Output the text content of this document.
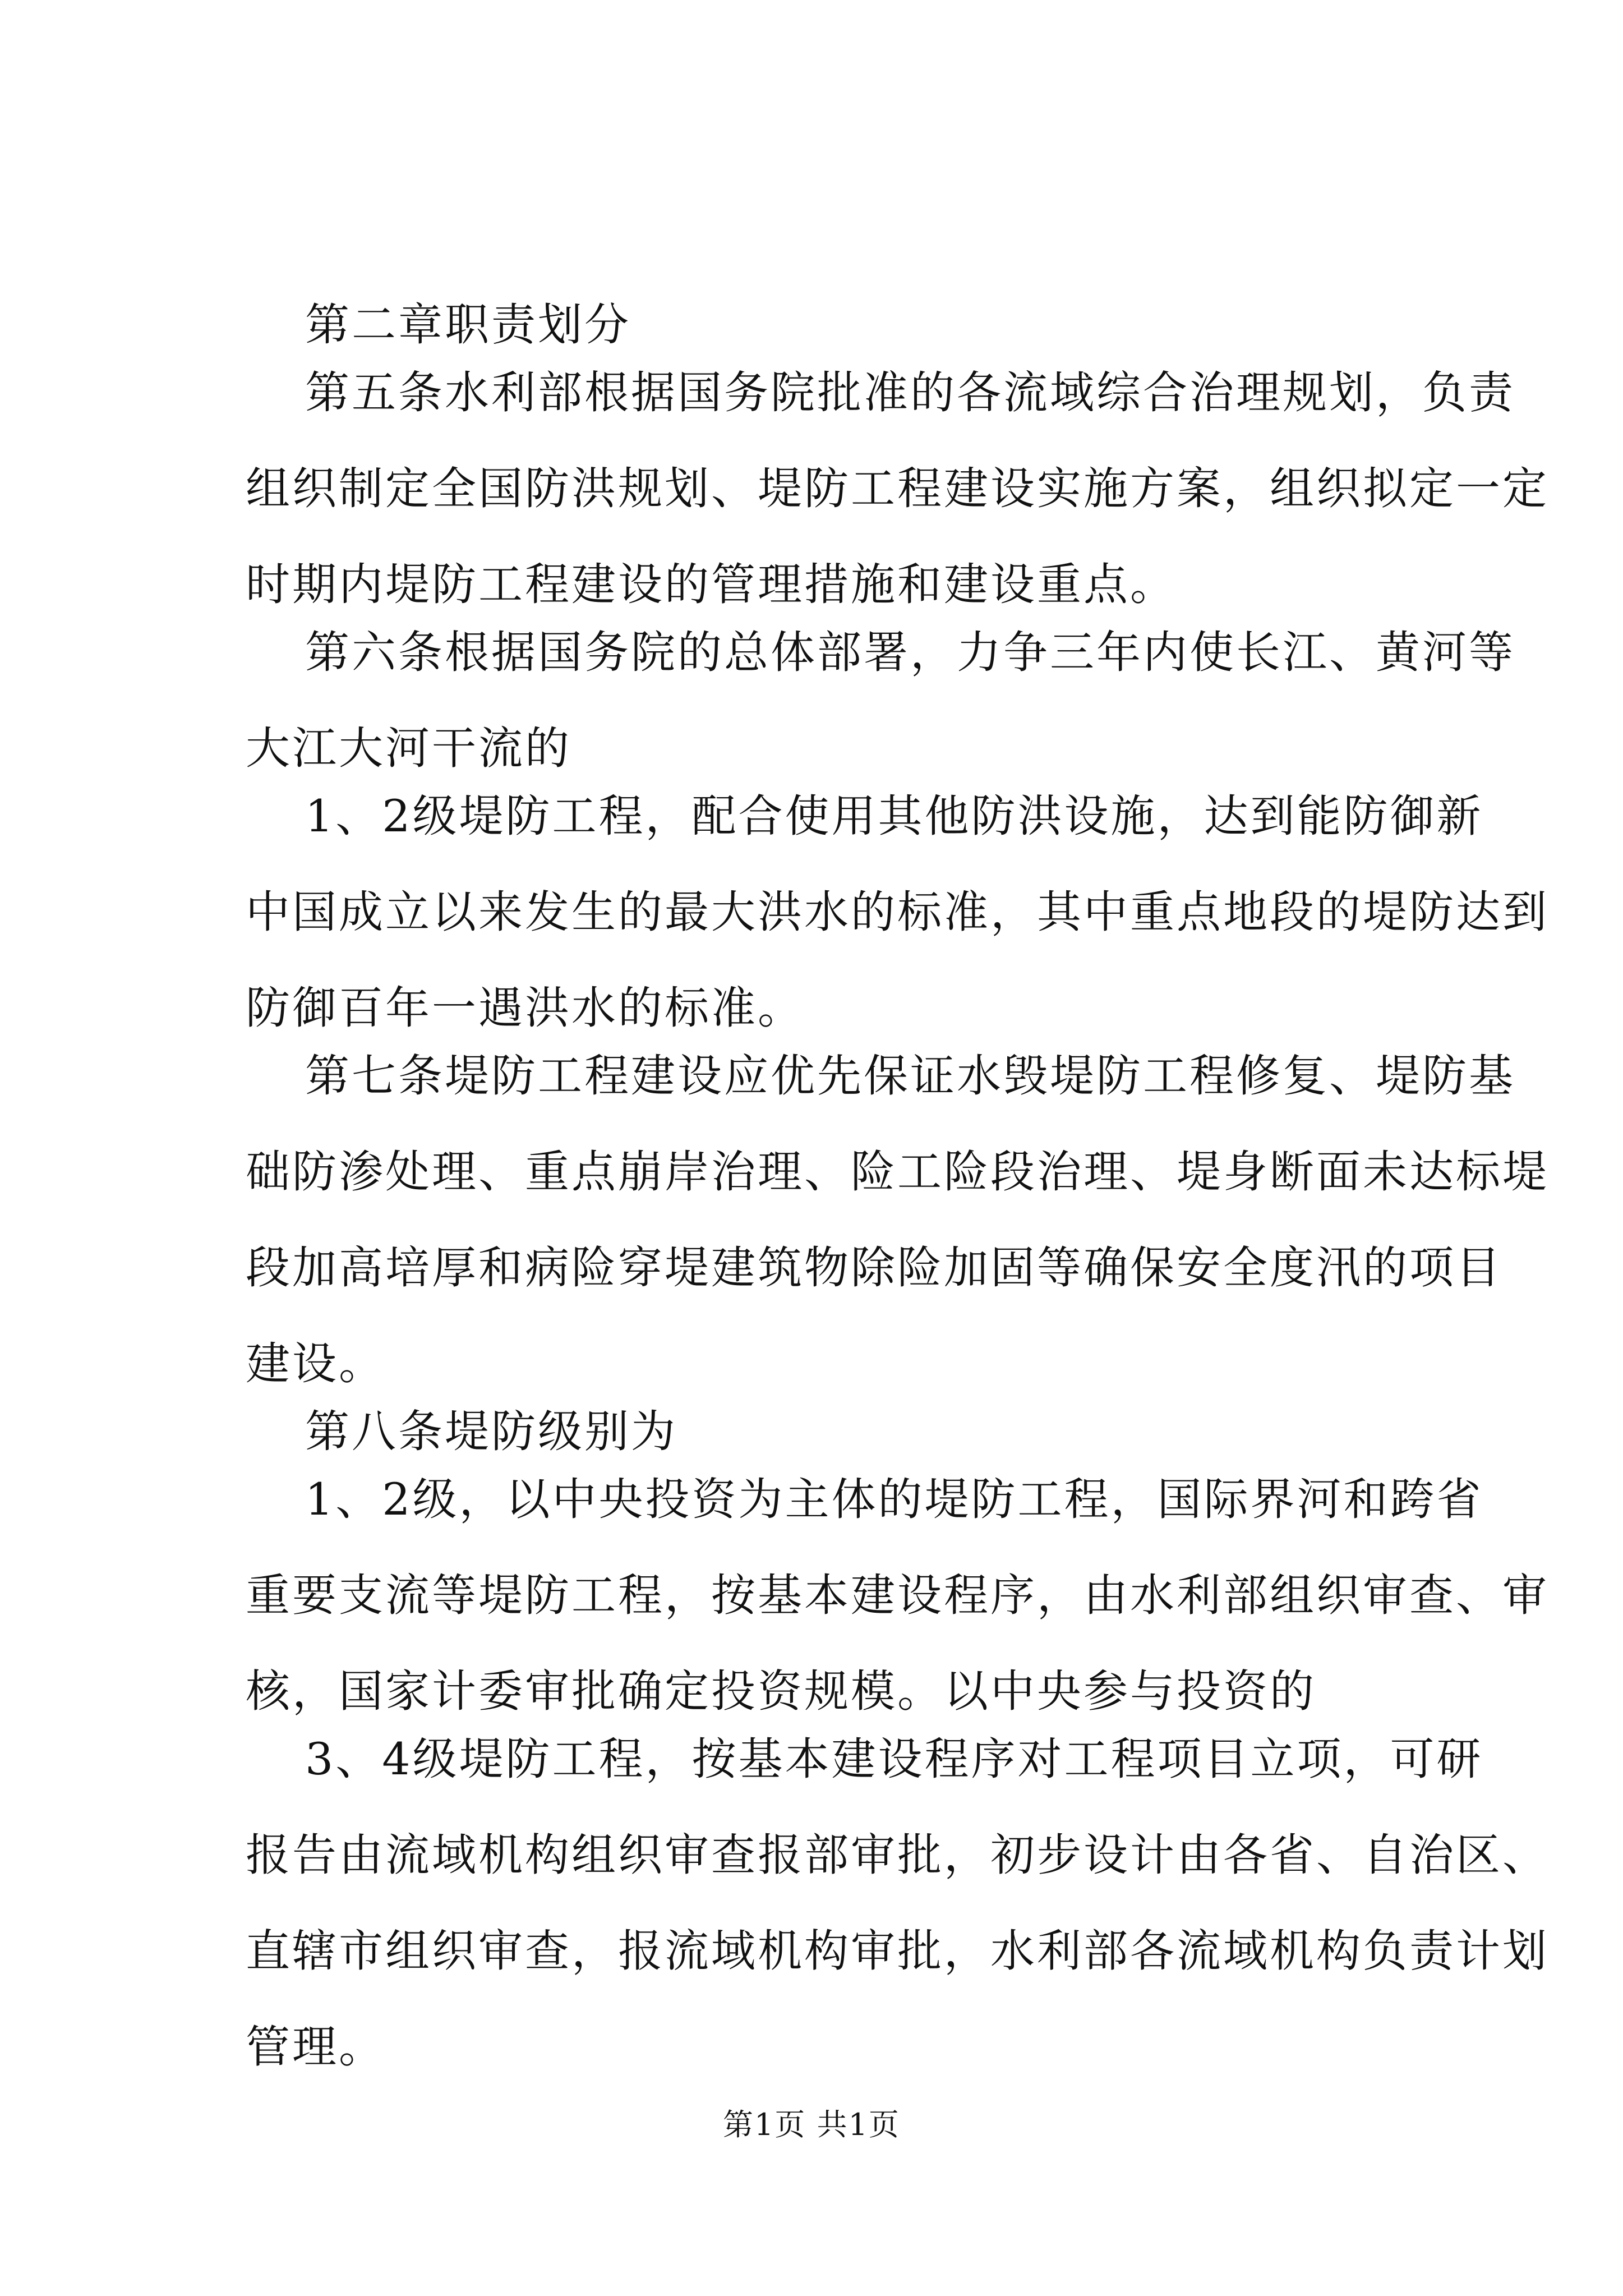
第二章职责划分
第五条水利部根据国务院批准的各流域综合治理规划，负责
组织制定全国防洪规划、堤防工程建设实施方案，组织拟定一定
时期内堤防工程建设的管理措施和建设重点。
第六条根据国务院的总体部署，力争三年内使长江、黄河等
大江大河干流的
1、2级堤防工程，配合使用其他防洪设施，达到能防御新
中国成立以来发生的最大洪水的标准，其中重点地段的堤防达到
防御百年一遇洪水的标准。
第七条堤防工程建设应优先保证水毁堤防工程修复、堤防基
础防渗处理、重点崩岸治理、险工险段治理、堤身断面未达标堤
段加高培厚和病险穿堤建筑物除险加固等确保安全度汛的项目
建设。
第八条堤防级别为
1、2级，以中央投资为主体的堤防工程，国际界河和跨省
重要支流等堤防工程，按基本建设程序，由水利部组织审查、审
核，国家计委审批确定投资规模。以中央参与投资的
3、4级堤防工程，按基本建设程序对工程项目立项，可研
报告由流域机构组织审查报部审批，初步设计由各省、自治区、
直辖市组织审查，报流域机构审批，水利部各流域机构负责计划
管理。
第1页 共1页
